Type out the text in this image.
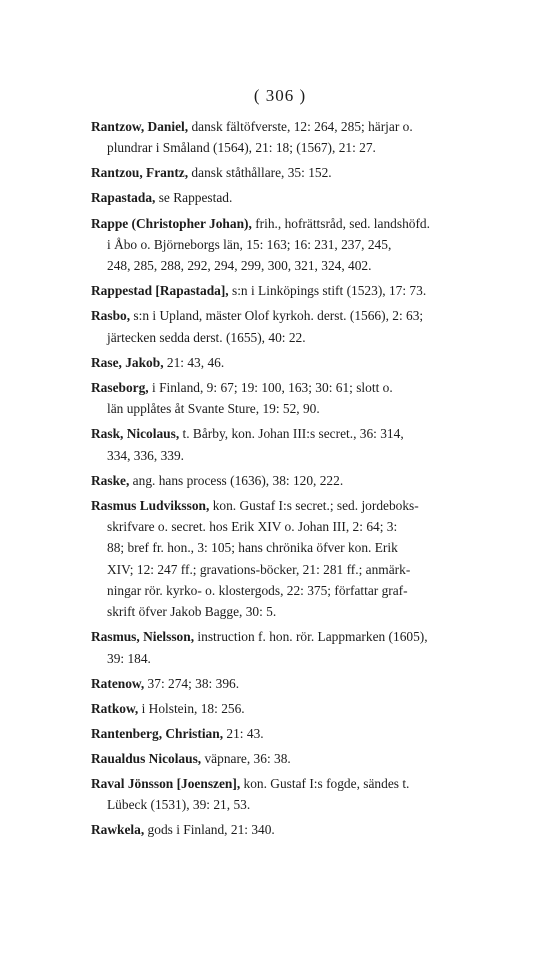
( 306 )
Rantzow, Daniel, dansk fältöfverste, 12: 264, 285; härjar o.
plundrar i Småland (1564), 21: 18; (1567), 21: 27.
Rantzou, Frantz, dansk ståthållare, 35: 152.
Rapastada, se Rappestad.
Rappe (Christopher Johan), frih., hofrättsråd, sed. landshöfd.
i Åbo o. Björneborgs län, 15: 163; 16: 231, 237, 245,
248, 285, 288, 292, 294, 299, 300, 321, 324, 402.
Rappestad [Rapastada], s:n i Linköpings stift (1523), 17: 73.
Rasbo, s:n i Upland, mäster Olof kyrkoh. derst. (1566), 2: 63;
järtecken sedda derst. (1655), 40: 22.
Rase, Jakob, 21: 43, 46.
Raseborg, i Finland, 9: 67; 19: 100, 163; 30: 61; slott o.
län upplåtes åt Svante Sture, 19: 52, 90.
Rask, Nicolaus, t. Bårby, kon. Johan III:s secret., 36: 314,
334, 336, 339.
Raske, ang. hans process (1636), 38: 120, 222.
Rasmus Ludviksson, kon. Gustaf I:s secret.; sed. jordeboks-
skrifvare o. secret. hos Erik XIV o. Johan III, 2: 64; 3:
88; bref fr. hon., 3: 105; hans chrönika öfver kon. Erik
XIV; 12: 247 ff.; gravations-böcker, 21: 281 ff.; anmärk-
ningar rör. kyrko- o. klostergods, 22: 375; författar graf-
skrift öfver Jakob Bagge, 30: 5.
Rasmus, Nielsson, instruction f. hon. rör. Lappmarken (1605),
39: 184.
Ratenow, 37: 274; 38: 396.
Ratkow, i Holstein, 18: 256.
Rantenberg, Christian, 21: 43.
Raualdus Nicolaus, väpnare, 36: 38.
Raval Jönsson [Joenszen], kon. Gustaf I:s fogde, sändes t.
Lübeck (1531), 39: 21, 53.
Rawkela, gods i Finland, 21: 340.
